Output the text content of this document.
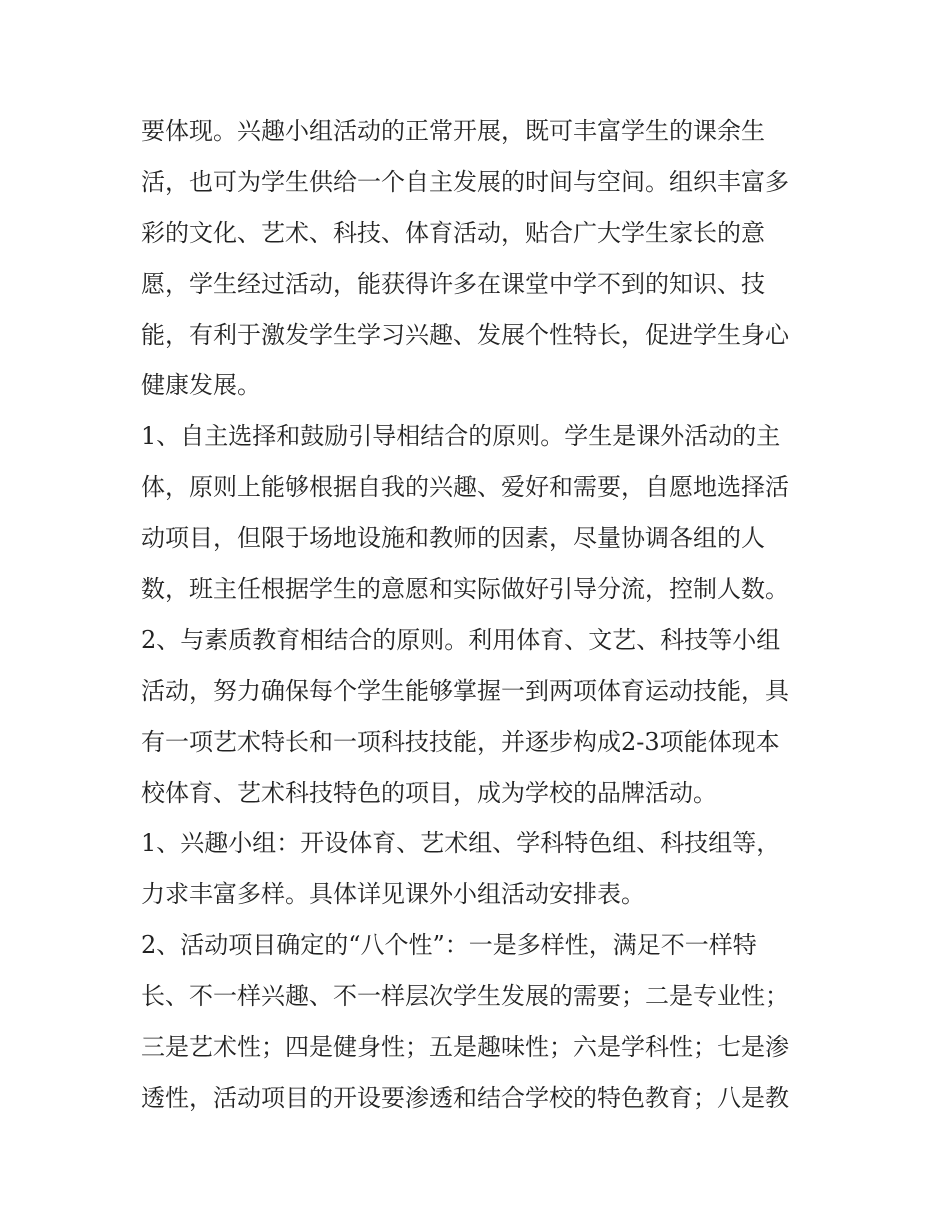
要体现。兴趣小组活动的正常开展，既可丰富学生的课余生
活，也可为学生供给一个自主发展的时间与空间。组织丰富多
彩的文化、艺术、科技、体育活动，贴合广大学生家长的意
愿，学生经过活动，能获得许多在课堂中学不到的知识、技
能，有利于激发学生学习兴趣、发展个性特长，促进学生身心
健康发展。
1、自主选择和鼓励引导相结合的原则。学生是课外活动的主
体，原则上能够根据自我的兴趣、爱好和需要，自愿地选择活
动项目，但限于场地设施和教师的因素，尽量协调各组的人
数，班主任根据学生的意愿和实际做好引导分流，控制人数。
2、与素质教育相结合的原则。利用体育、文艺、科技等小组
活动，努力确保每个学生能够掌握一到两项体育运动技能，具
有一项艺术特长和一项科技技能，并逐步构成2-3项能体现本
校体育、艺术科技特色的项目，成为学校的品牌活动。
1、兴趣小组：开设体育、艺术组、学科特色组、科技组等，
力求丰富多样。具体详见课外小组活动安排表。
2、活动项目确定的“八个性”：一是多样性，满足不一样特
长、不一样兴趣、不一样层次学生发展的需要；二是专业性；
三是艺术性；四是健身性；五是趣味性；六是学科性；七是渗
透性，活动项目的开设要渗透和结合学校的特色教育；八是教
